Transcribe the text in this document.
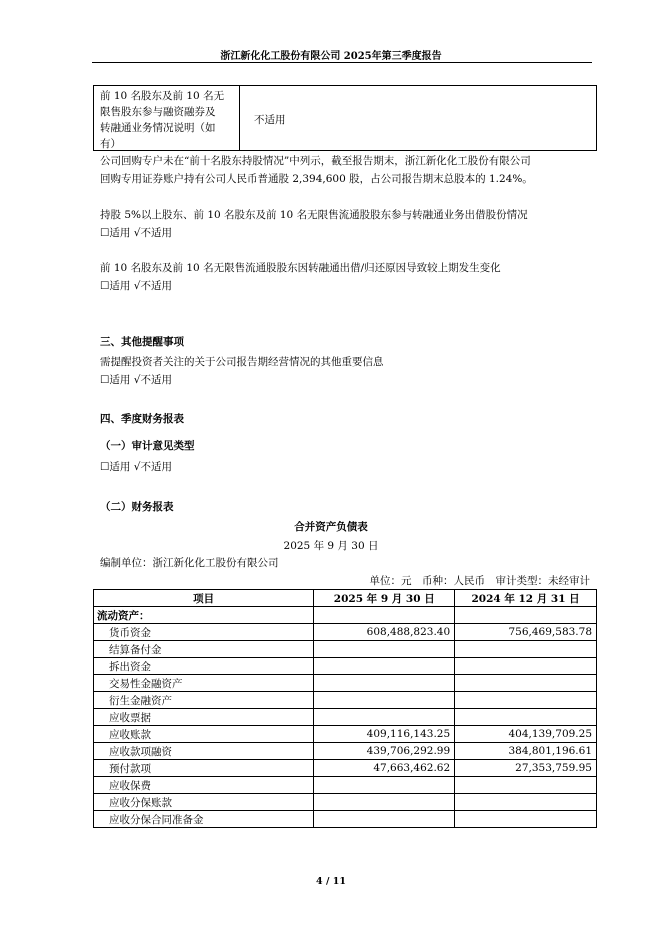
浙江新化化工股份有限公司 2025年第三季度报告
前 10 名股东及前 10 名无
限售股东参与融资融券及
转融通业务情况说明（如
有）
不适用
公司回购专户未在“前十名股东持股情况”中列示，截至报告期末，浙江新化化工股份有限公司
回购专用证券账户持有公司人民币普通股 2,394,600 股，占公司报告期末总股本的 1.24%。
持股 5%以上股东、前 10 名股东及前 10 名无限售流通股股东参与转融通业务出借股份情况
☐适用 √不适用
前 10 名股东及前 10 名无限售流通股股东因转融通出借/归还原因导致较上期发生变化
☐适用 √不适用
三、其他提醒事项
需提醒投资者关注的关于公司报告期经营情况的其他重要信息
☐适用 √不适用
四、季度财务报表
（一）审计意见类型
☐适用 √不适用
（二）财务报表
合并资产负债表
2025 年 9 月 30 日
编制单位：浙江新化化工股份有限公司
单位：元　币种：人民币　审计类型：未经审计
项目	2025 年 9 月 30 日	2024 年 12 月 31 日
流动资产：		
货币资金	608,488,823.40	756,469,583.78
结算备付金		
拆出资金		
交易性金融资产		
衍生金融资产		
应收票据		
应收账款	409,116,143.25	404,139,709.25
应收款项融资	439,706,292.99	384,801,196.61
预付款项	47,663,462.62	27,353,759.95
应收保费		
应收分保账款		
应收分保合同准备金		
4 / 11
